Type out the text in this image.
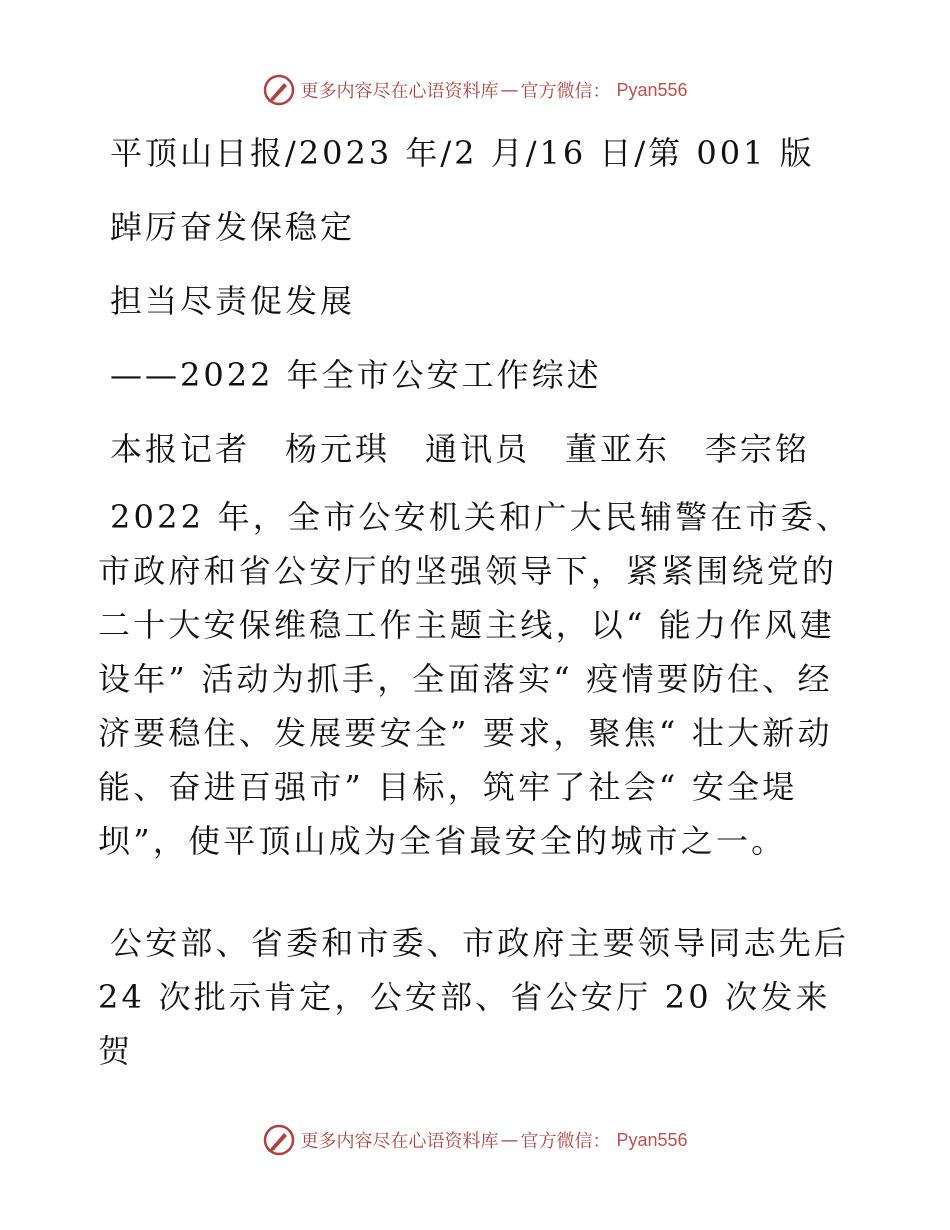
更多内容尽在心语资料库 — 官方微信： Pyan556
平顶山日报/2023 年/2 月/16 日/第 001 版
踔厉奋发保稳定
担当尽责促发展
——2022 年全市公安工作综述
本报记者　杨元琪　通讯员　董亚东　李宗铭
2022 年，全市公安机关和广大民辅警在市委、市政府和省公安厅的坚强领导下，紧紧围绕党的二十大安保维稳工作主题主线，以“ 能力作风建设年” 活动为抓手，全面落实“ 疫情要防住、经济要稳住、发展要安全” 要求，聚焦“ 壮大新动能、奋进百强市” 目标，筑牢了社会“ 安全堤坝”，使平顶山成为全省最安全的城市之一。
公安部、省委和市委、市政府主要领导同志先后 24 次批示肯定，公安部、省公安厅 20 次发来贺
更多内容尽在心语资料库 — 官方微信： Pyan556
